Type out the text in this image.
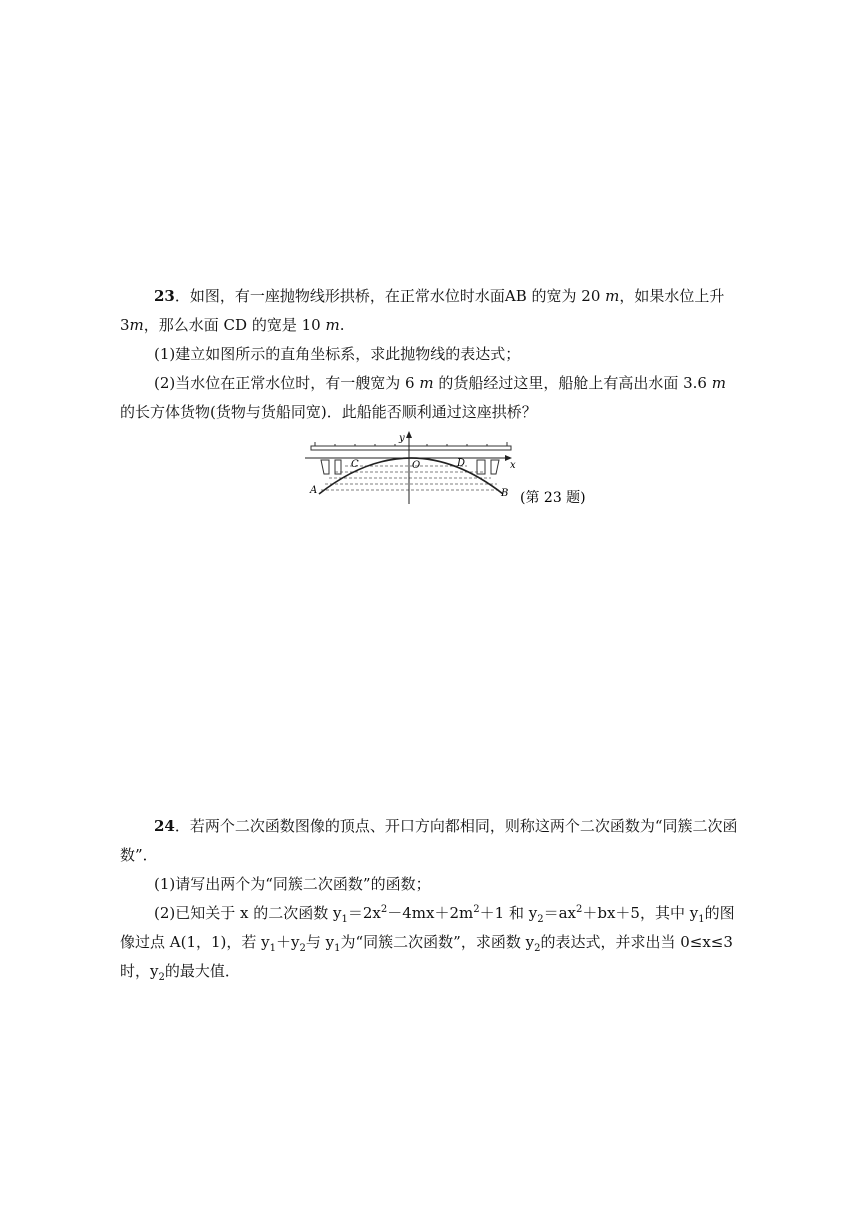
23．如图，有一座抛物线形拱桥，在正常水位时水面AB 的宽为 20 m，如果水位上升 3m，那么水面 CD 的宽是 10 m.

(1)建立如图所示的直角坐标系，求此抛物线的表达式；

(2)当水位在正常水位时，有一艘宽为 6 m 的货船经过这里，船舱上有高出水面 3.6 m 的长方体货物(货物与货船同宽)．此船能否顺利通过这座拱桥？

y
x
O
C	D
A	B (第 23 题)

24．若两个二次函数图像的顶点、开口方向都相同，则称这两个二次函数为“同簇二次函数”．

(1)请写出两个为“同簇二次函数”的函数；

(2)已知关于 x 的二次函数 $y_1=2x^2-4mx+2m^2+1$ 和 $y_2=ax^2+bx+5$，其中 $y_1$的图像过点 A(1，1)，若 $y_1+y_2$与 $y_1$为“同簇二次函数”，求函数 $y_2$的表达式，并求出当 0≤x≤3 时，$y_2$的最大值．
